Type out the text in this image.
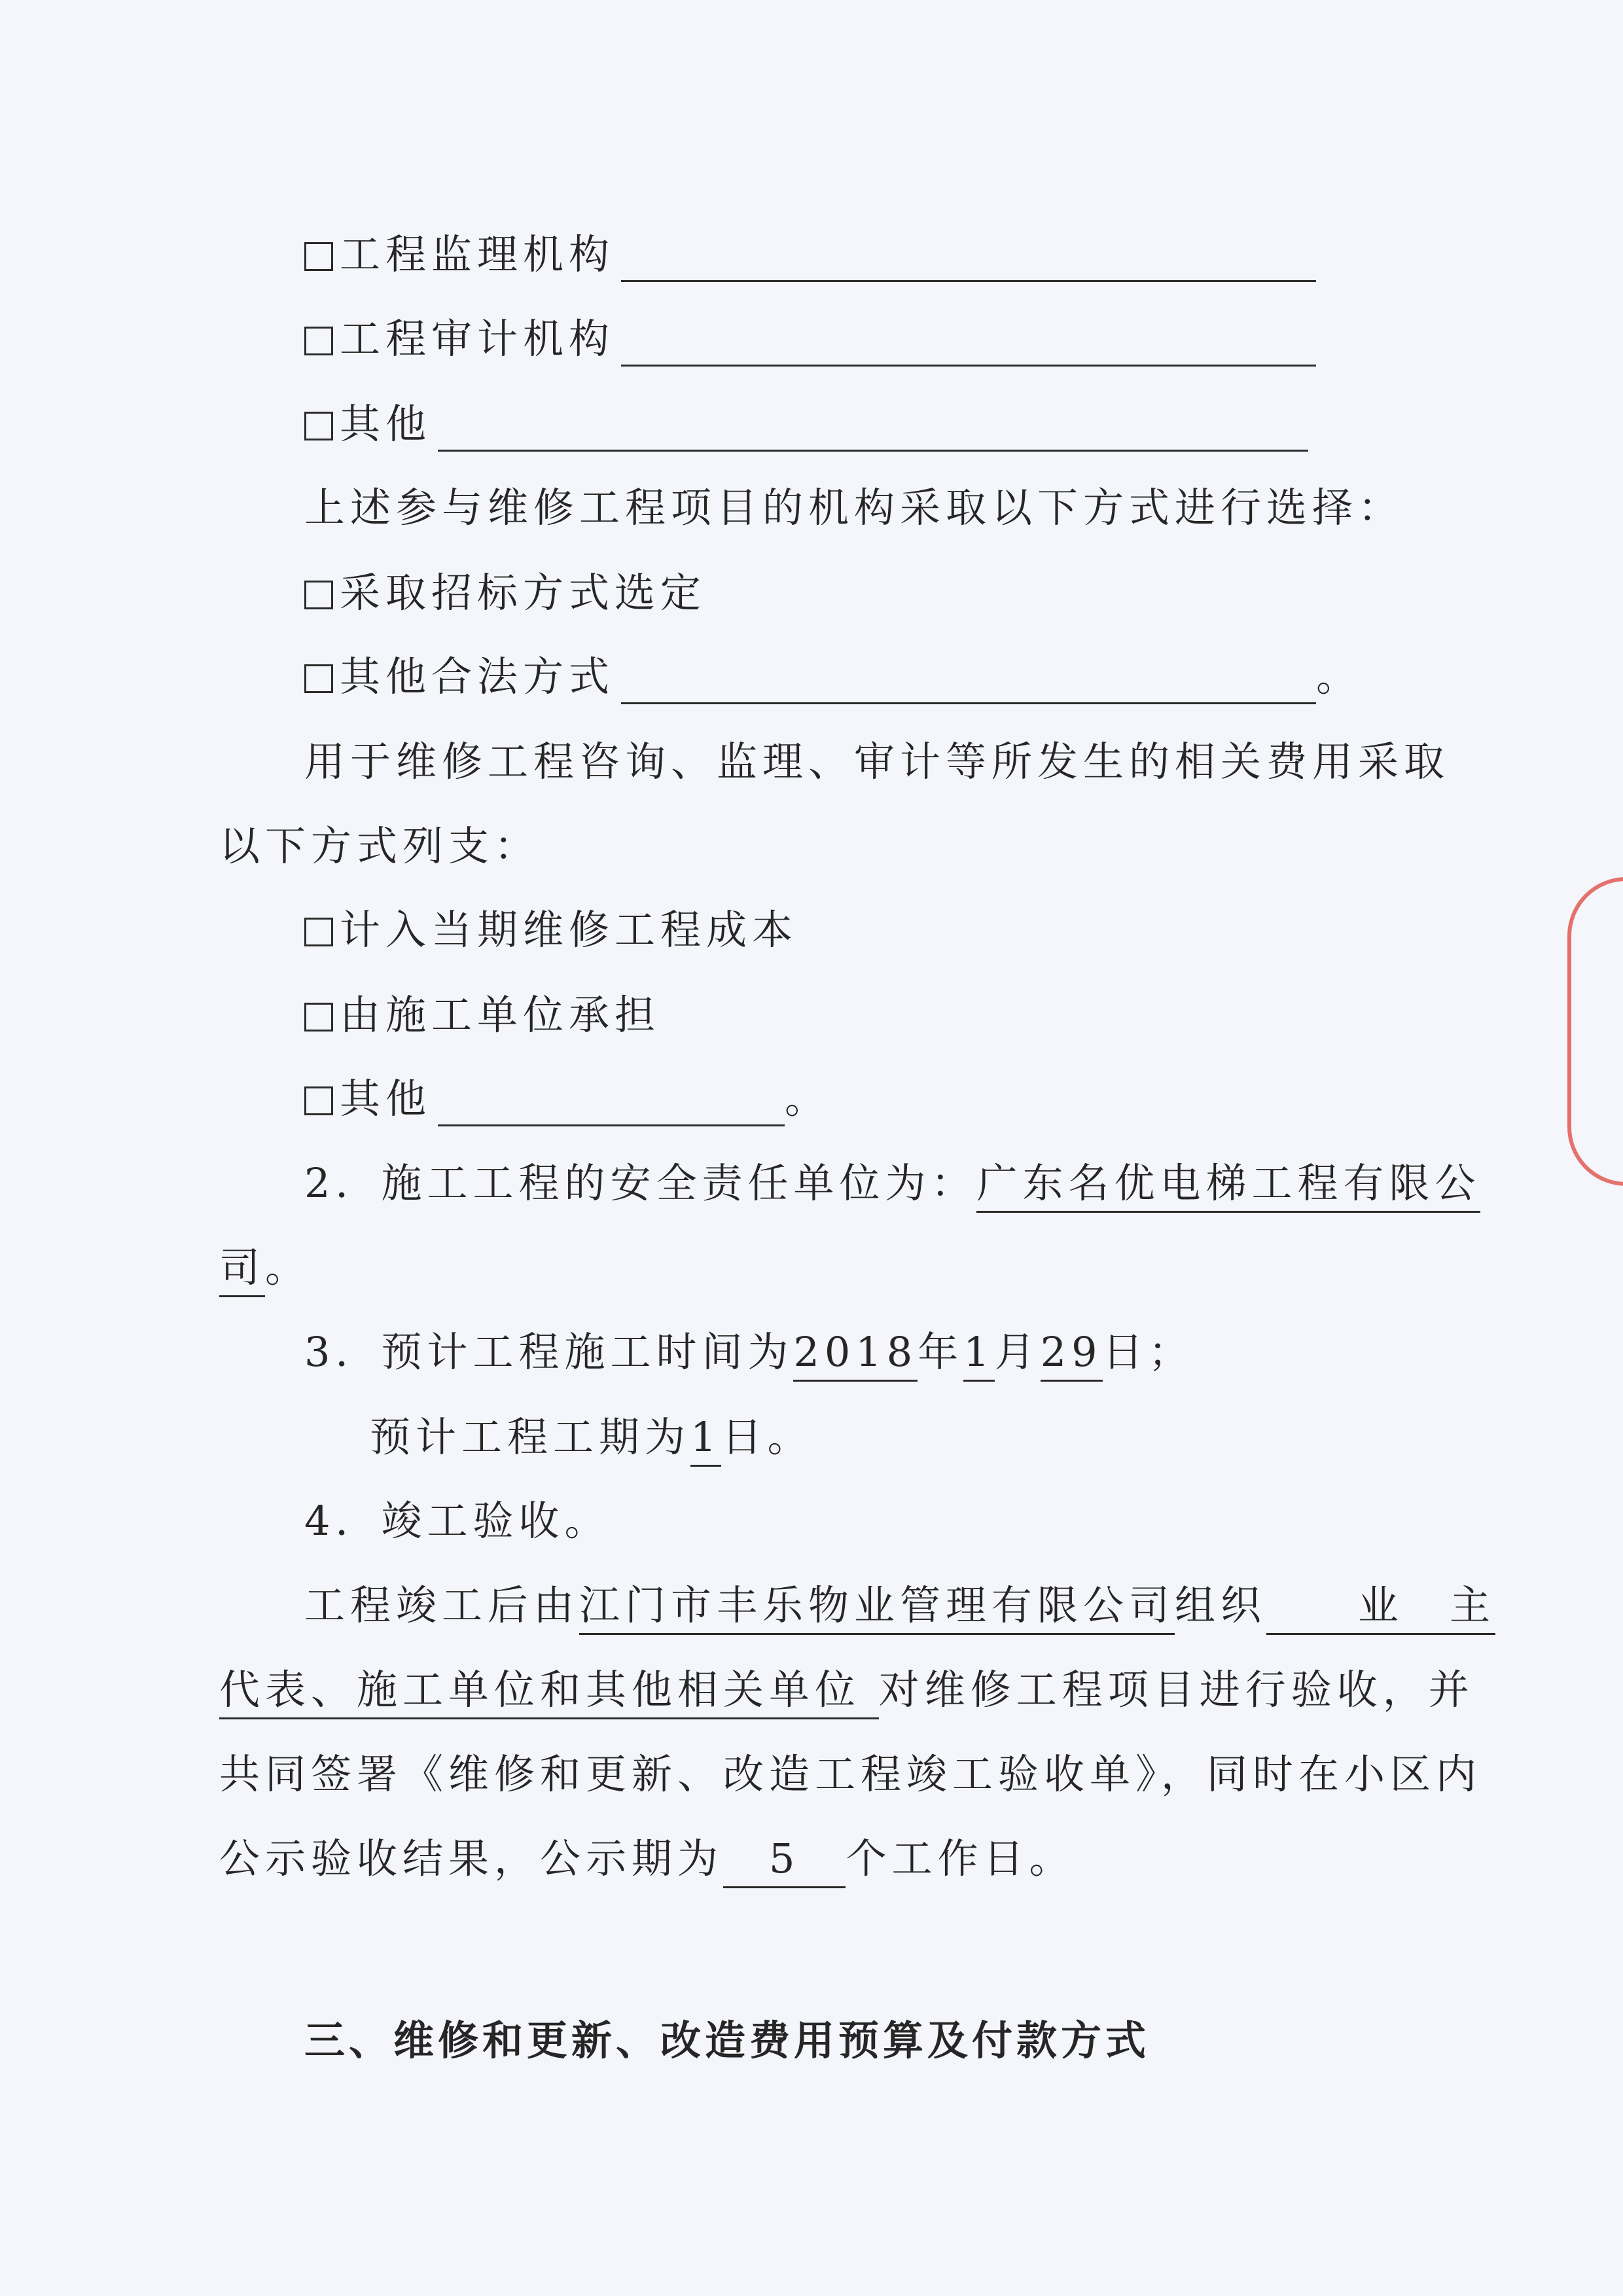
工程监理机构
工程审计机构
其他
上述参与维修工程项目的机构采取以下方式进行选择：
采取招标方式选定
其他合法方式	。
用于维修工程咨询、监理、审计等所发生的相关费用采取
以下方式列支：
计入当期维修工程成本
由施工单位承担
其他	。
2．施工工程的安全责任单位为：广东名优电梯工程有限公
司。
3．预计工程施工时间为2018年1月29日；
预计工程工期为1日。
4．竣工验收。
工程竣工后由江门市丰乐物业管理有限公司组织　　业　主
代表、施工单位和其他相关单位 对维修工程项目进行验收，并
共同签署《维修和更新、改造工程竣工验收单》，同时在小区内
公示验收结果，公示期为　5　个工作日。
三、维修和更新、改造费用预算及付款方式
